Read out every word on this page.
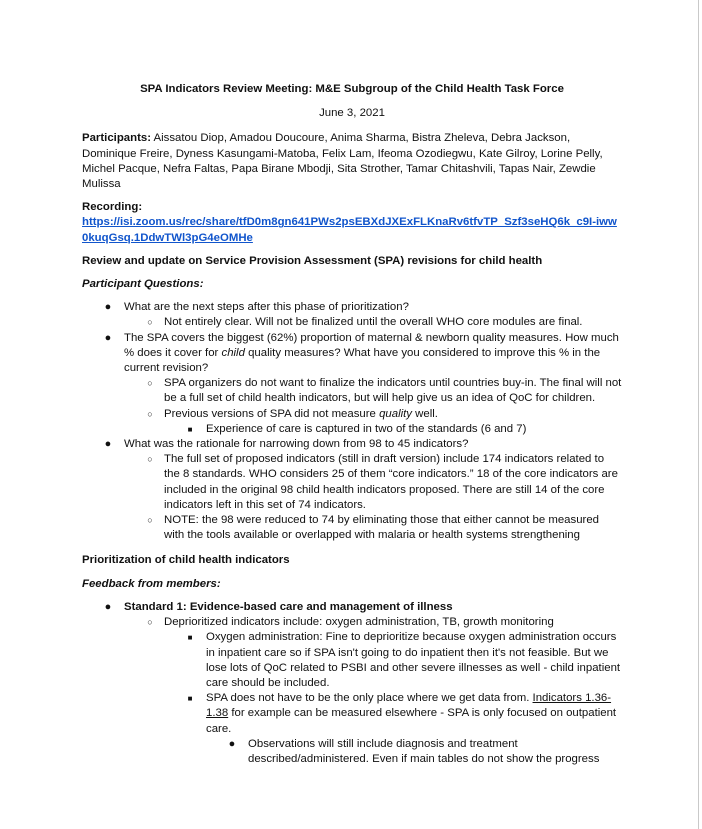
SPA Indicators Review Meeting: M&E Subgroup of the Child Health Task Force

June 3, 2021

Participants: Aissatou Diop, Amadou Doucoure, Anima Sharma, Bistra Zheleva, Debra Jackson, Dominique Freire, Dyness Kasungami-Matoba, Felix Lam, Ifeoma Ozodiegwu, Kate Gilroy, Lorine Pelly, Michel Pacque, Nefra Faltas, Papa Birane Mbodji, Sita Strother, Tamar Chitashvili, Tapas Nair, Zewdie Mulissa

Recording:

https://isi.zoom.us/rec/share/tfD0m8gn641PWs2psEBXdJXExFLKnaRv6tfvTP_Szf3seHQ6k_c9I-iww0kuqGsq.1DdwTWl3pG4eOMHe

Review and update on Service Provision Assessment (SPA) revisions for child health

Participant Questions:

● What are the next steps after this phase of prioritization?
○ Not entirely clear. Will not be finalized until the overall WHO core modules are final.
● The SPA covers the biggest (62%) proportion of maternal & newborn quality measures. How much % does it cover for child quality measures? What have you considered to improve this % in the current revision?
○ SPA organizers do not want to finalize the indicators until countries buy-in. The final will not be a full set of child health indicators, but will help give us an idea of QoC for children.
○ Previous versions of SPA did not measure quality well.
■	Experience of care is captured in two of the standards (6 and 7)
● What was the rationale for narrowing down from 98 to 45 indicators?
○ The full set of proposed indicators (still in draft version) include 174 indicators related to the 8 standards. WHO considers 25 of them “core indicators.” 18 of the core indicators are included in the original 98 child health indicators proposed. There are still 14 of the core indicators left in this set of 74 indicators.
○ NOTE: the 98 were reduced to 74 by eliminating those that either cannot be measured with the tools available or overlapped with malaria or health systems strengthening

Prioritization of child health indicators

Feedback from members:

● Standard 1: Evidence-based care and management of illness
○ Deprioritized indicators include: oxygen administration, TB, growth monitoring
■	Oxygen administration: Fine to deprioritize because oxygen administration occurs in inpatient care so if SPA isn't going to do inpatient then it's not feasible. But we lose lots of QoC related to PSBI and other severe illnesses as well - child inpatient care should be included.
■	SPA does not have to be the only place where we get data from. Indicators 1.36-1.38 for example can be measured elsewhere - SPA is only focused on outpatient care.
● Observations will still include diagnosis and treatment described/administered. Even if main tables do not show the progress
